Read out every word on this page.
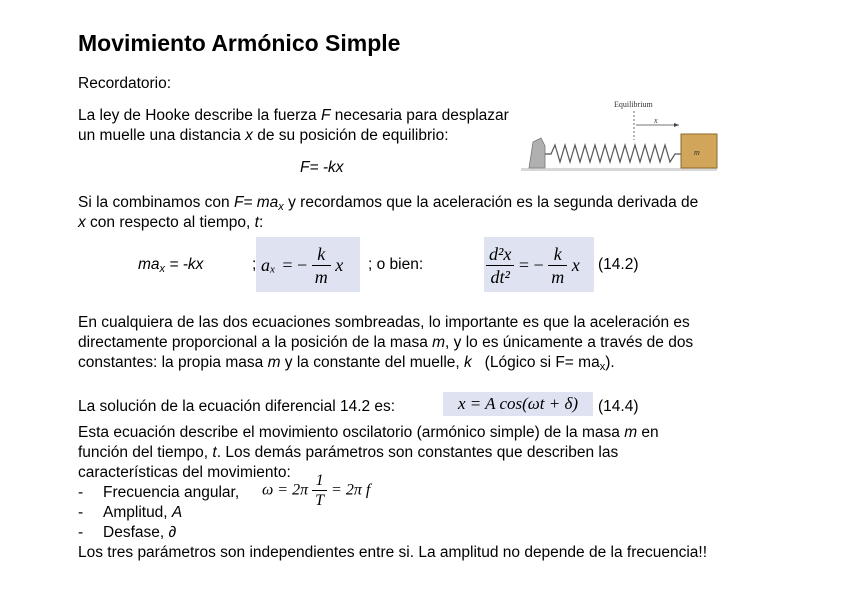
Movimiento Armónico Simple
Recordatorio:
La ley de Hooke describe la fuerza F necesaria para desplazar
un muelle una distancia x de su posición de equilibrio:
F= -kx
Equilibrium
x
m
Si la combinamos con $F= ma_x$ y recordamos que la aceleración es la segunda derivada de
x con respecto al tiempo, t:
$ma_x = -kx$	; $a_x$ = − $\frac{k}{m}$ x ; o bien:	$\frac{\text{d²x}}{\text{dt²}}$ = − $\frac{k}{m}$ x (14.2)
En cualquiera de las dos ecuaciones sombreadas, lo importante es que la aceleración es
directamente proporcional a la posición de la masa m, y lo es únicamente a través de dos
constantes: la propia masa m y la constante del muelle, k   (Lógico si $F= ma_x$).
La solución de la ecuación diferencial 14.2 es:	x = A cos(ωt + δ)	(14.4)
Esta ecuación describe el movimiento oscilatorio (armónico simple) de la masa m en
función del tiempo, t. Los demás parámetros son constantes que describen las
características del movimiento:
- Frecuencia angular, $\omega = 2\pi \frac{1}{T} = 2\pi$ f
- Amplitud, A
- Desfase, ∂
Los tres parámetros son independientes entre si. La amplitud no depende de la frecuencia!!
